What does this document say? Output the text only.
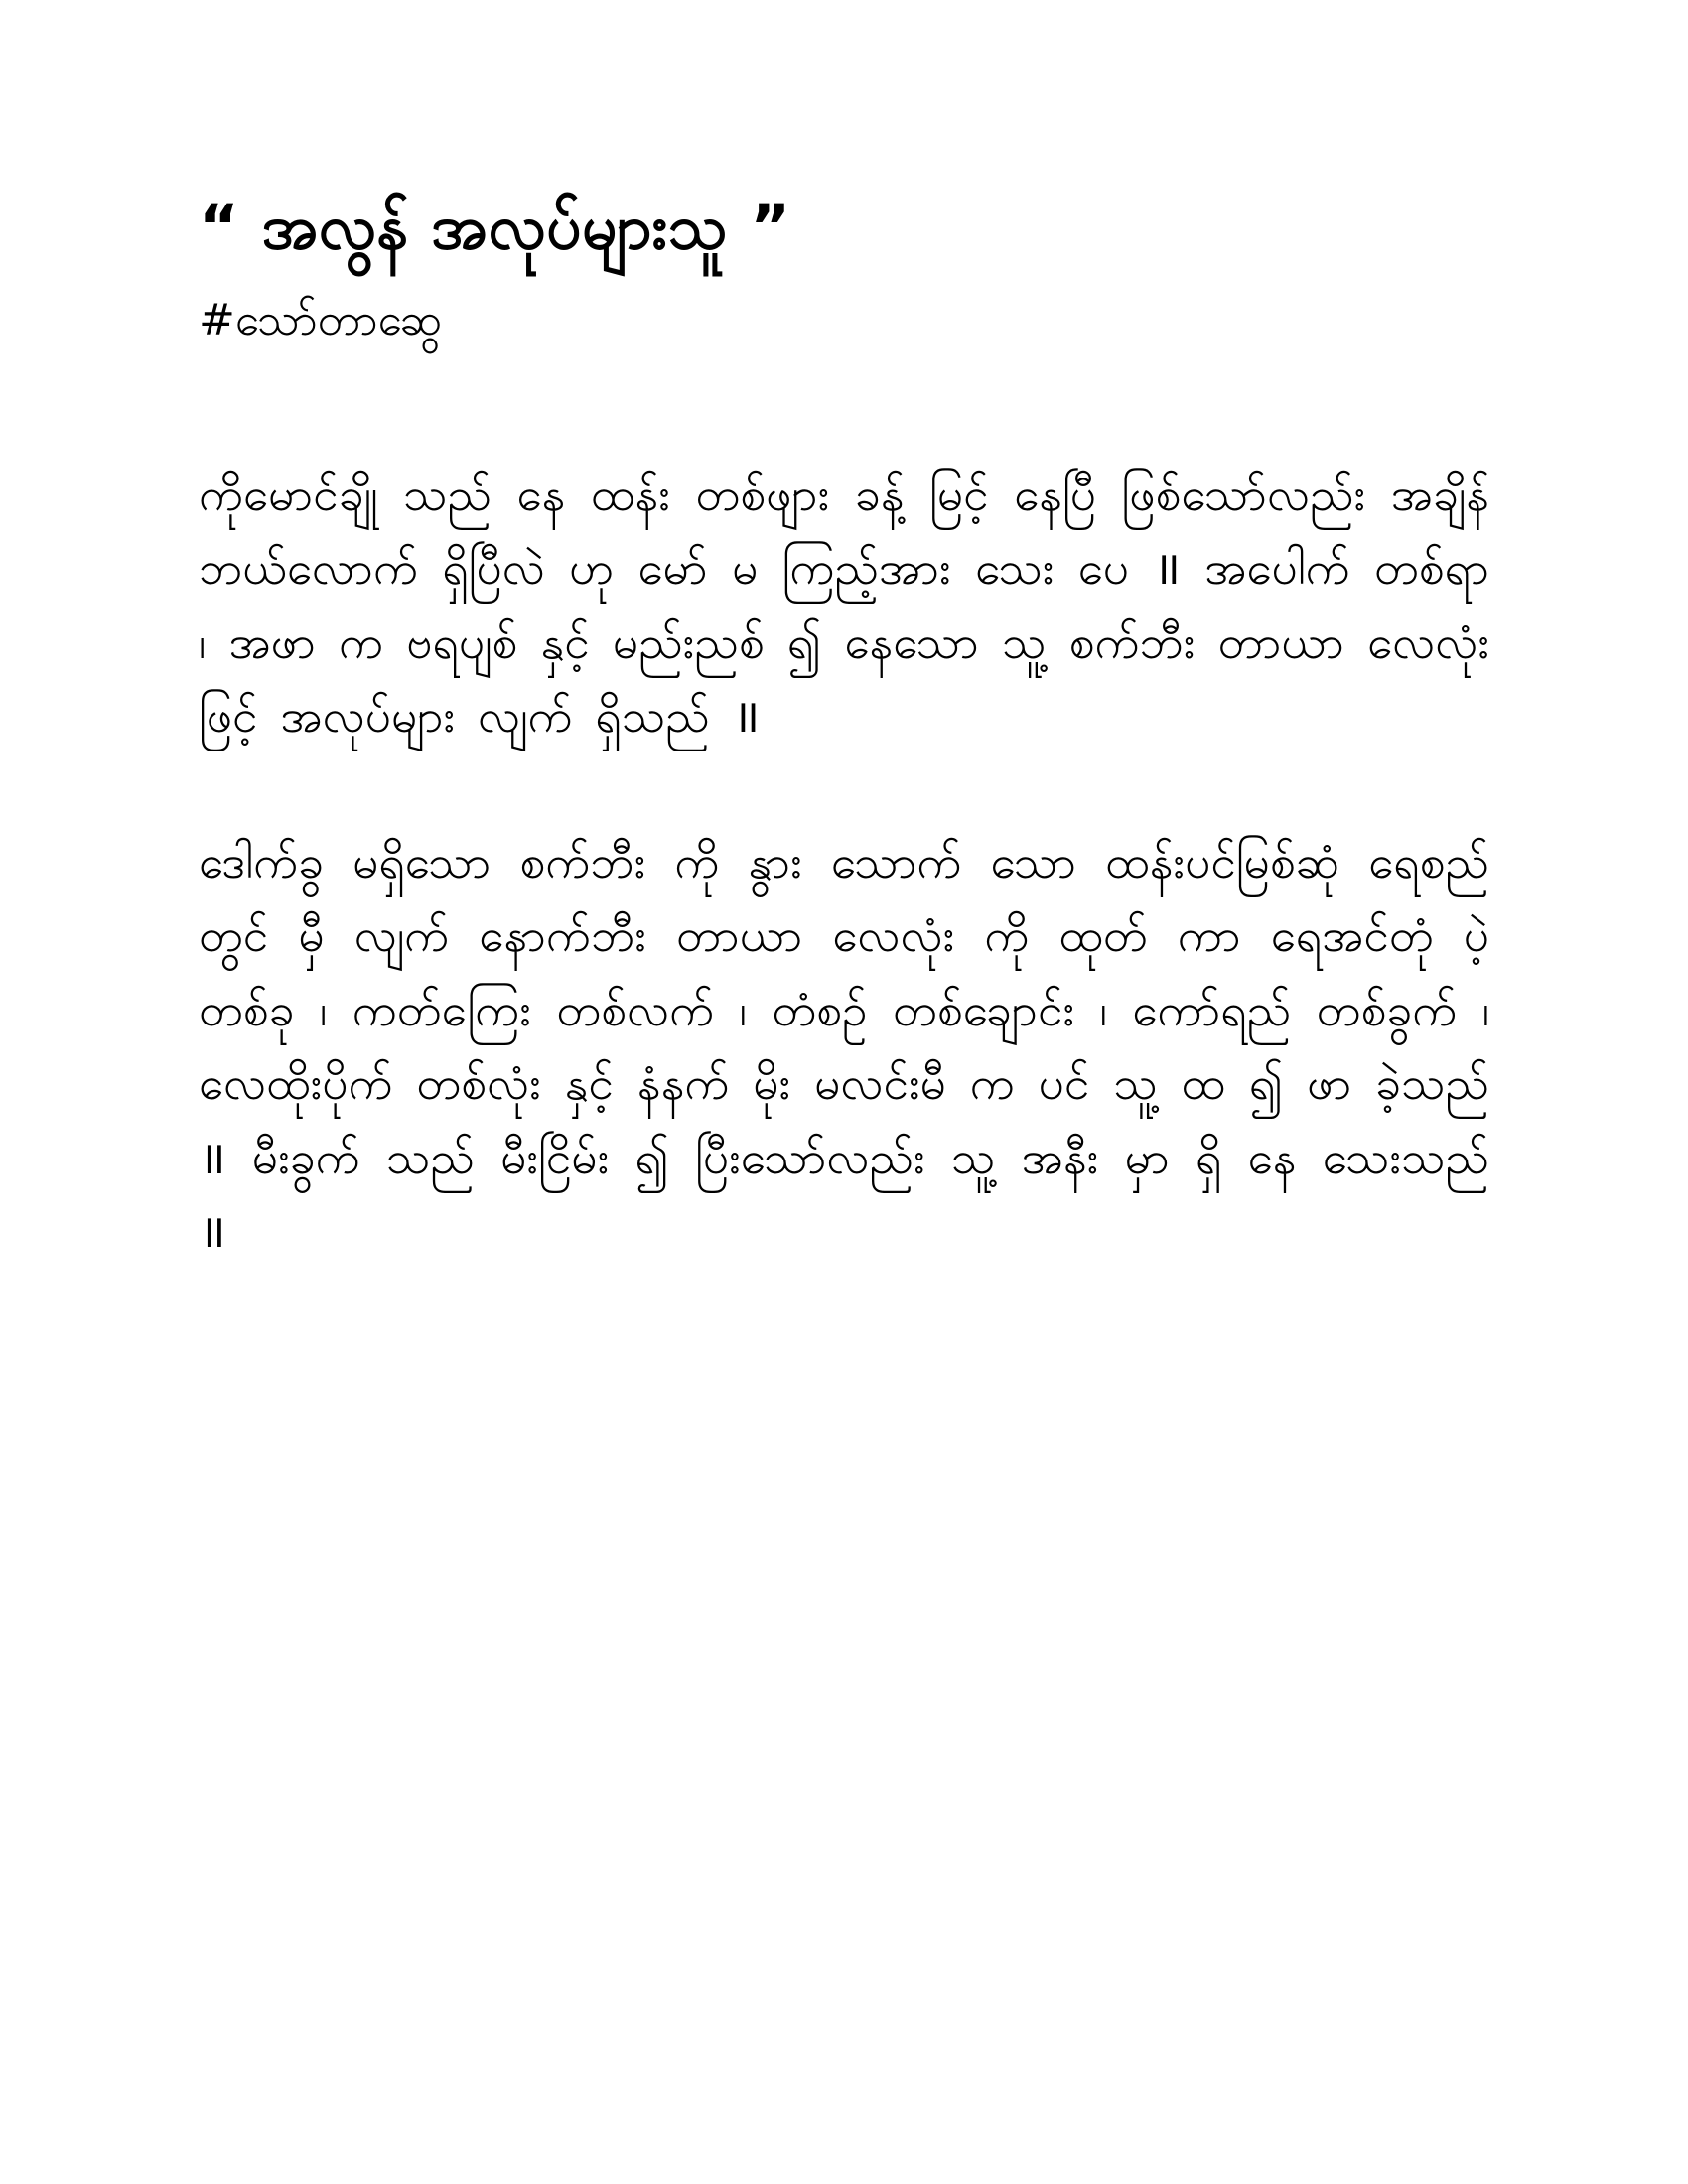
“ အလွန် အလုပ်များသူ ”
#သော်တာဆွေ

ကိုမောင်ချို သည် နေ ထန်း တစ်ဖျား ခန့် မြင့် နေပြီ ဖြစ်သော်လည်း အချိန် ဘယ်လောက် ရှိပြီလဲ ဟု မော် မ ကြည့်အား သေး ပေ ॥ အပေါက် တစ်ရာ ၊ အဖာ က ဗရပျစ် နှင့် မည်းညစ် ၍ နေသော သူ့ စက်ဘီး တာယာ လေလုံး ဖြင့် အလုပ်များ လျက် ရှိသည် ॥

ဒေါက်ခွ မရှိသော စက်ဘီး ကို နွား သောက် သော ထန်းပင်မြစ်ဆုံ ရေစည် တွင် မှီ လျက် နောက်ဘီး တာယာ လေလုံး ကို ထုတ် ကာ ရေအင်တုံ ပဲ့ တစ်ခု ၊ ကတ်ကြေး တစ်လက် ၊ တံစဉ် တစ်ချောင်း ၊ ကော်ရည် တစ်ခွက် ၊ လေထိုးပိုက် တစ်လုံး နှင့် နံနက် မိုး မလင်းမီ က ပင် သူ့ ထ ၍ ဖာ ခဲ့သည် ॥ မီးခွက် သည် မီးငြိမ်း ၍ ပြီးသော်လည်း သူ့ အနီး မှာ ရှိ နေ သေးသည် ॥
